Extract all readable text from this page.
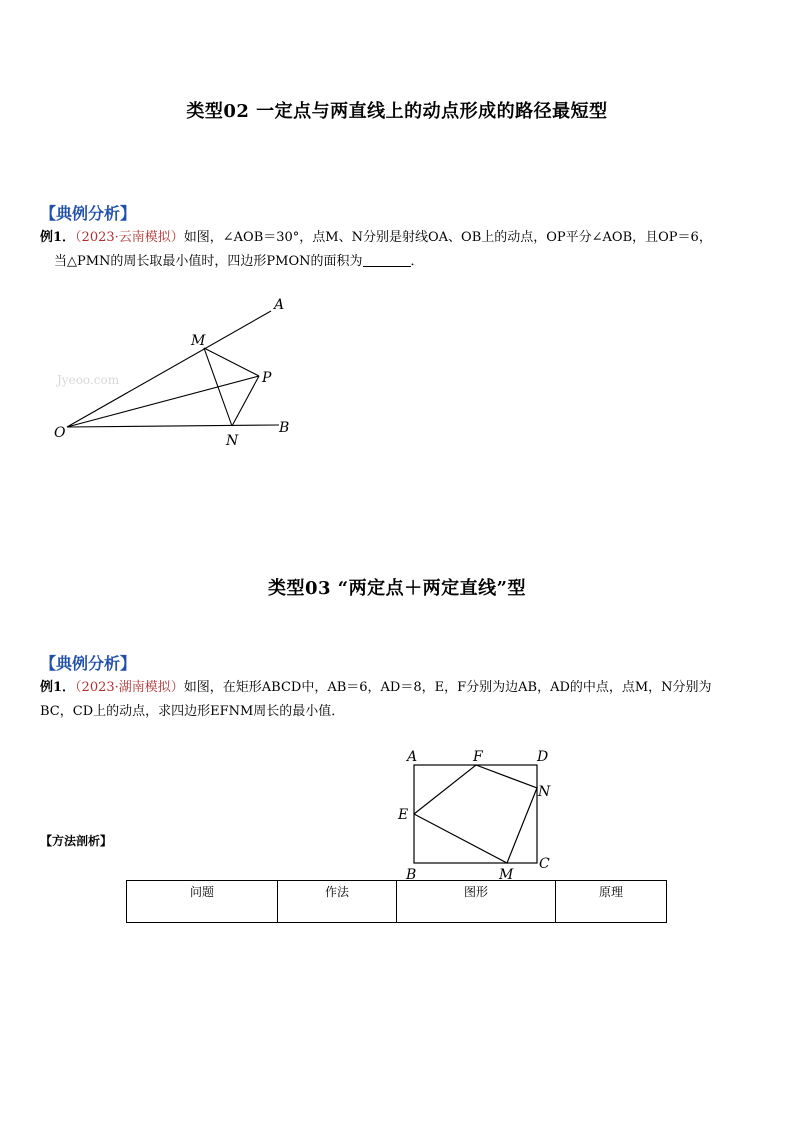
类型02 一定点与两直线上的动点形成的路径最短型
【典例分析】
例1．（2023·云南模拟）如图，∠AOB＝30°，点M、N分别是射线OA、OB上的动点，OP平分∠AOB，且OP＝6，
当△PMN的周长取最小值时，四边形PMON的面积为	．
Jyeoo.com
A
M
P
O	N
B
类型03 “两定点＋两定直线”型
【典例分析】
例1．（2023·湖南模拟）如图，在矩形ABCD中，AB＝6，AD＝8，E，F分别为边AB，AD的中点，点M，N分别为
BC，CD上的动点，求四边形EFNM周长的最小值．
A	F	D
N
E
B	M
C
【方法剖析】
问题	作法	图形	原理
